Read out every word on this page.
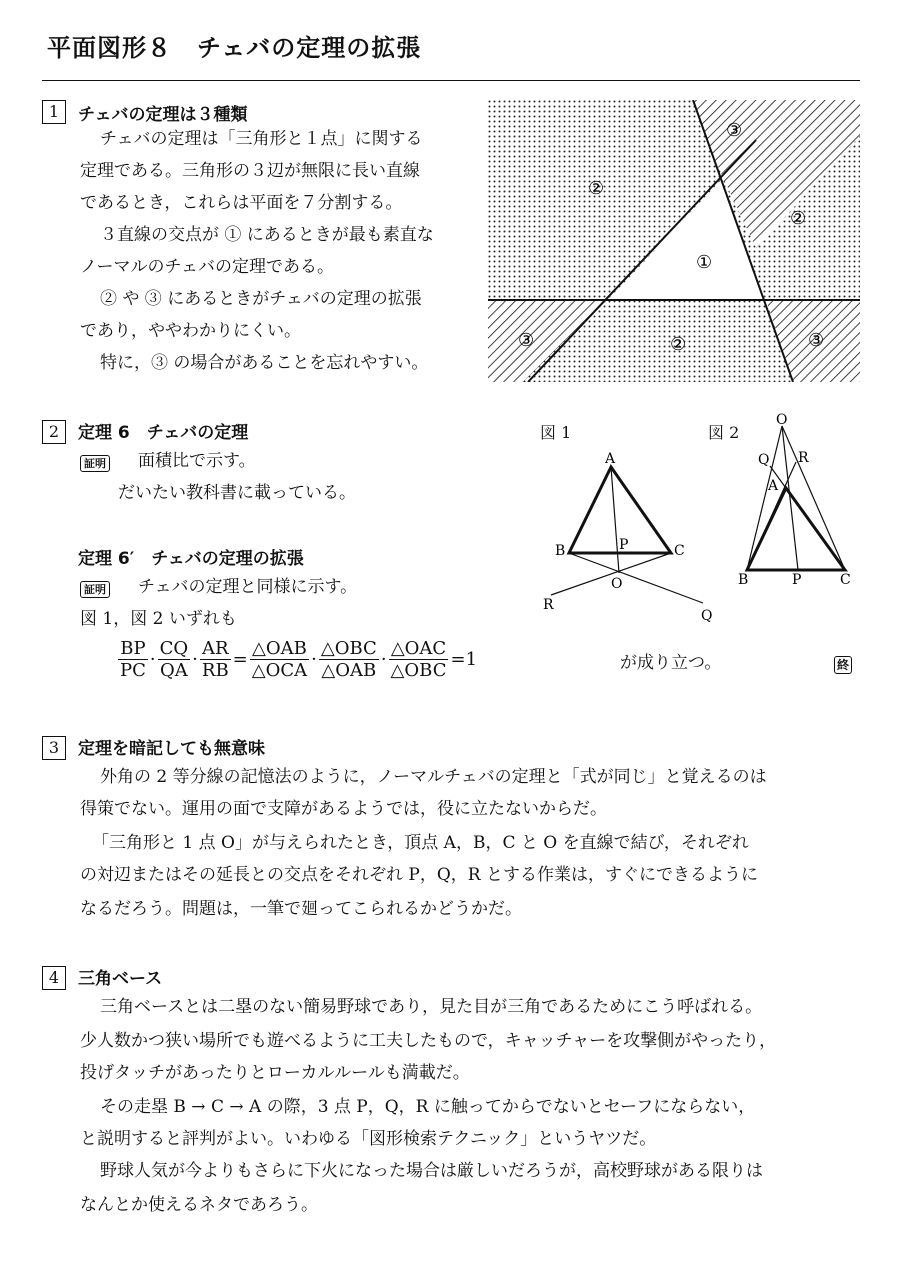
平面図形８　チェバの定理の拡張
1	チェバの定理は３種類
チェバの定理は「三角形と１点」に関する
定理である。三角形の３辺が無限に長い直線
であるとき，これらは平面を７分割する。
３直線の交点が ① にあるときが最も素直な
ノーマルのチェバの定理である。
② や ③ にあるときがチェバの定理の拡張
であり，ややわかりにくい。
特に，③ の場合があることを忘れやすい。
①
②
②
②
③
③	③
2	定理 6　チェバの定理
証明 面積比で示す。
だいたい教科書に載っている。
定理 6′　チェバの定理の拡張
証明 チェバの定理と同様に示す。
図 1，図 2 いずれも
図 1	図 2
A
B	C
P
O
Q
R
O
Q R
A
B	P	C
$\frac{BP}{PC} \cdot \frac{CQ}{QA} \cdot \frac{AR}{RB} = \frac{\text{△OAB}}{\text{△OCA}} \cdot \frac{\text{△OBC}}{\text{△OAB}} \cdot \frac{\text{△OAC}}{\text{△OBC}} =1$	が成り立つ。	終
3	定理を暗記しても無意味
外角の 2 等分線の記憶法のように，ノーマルチェバの定理と「式が同じ」と覚えるのは
得策でない。運用の面で支障があるようでは，役に立たないからだ。
「三角形と 1 点 O」が与えられたとき，頂点 A，B，C と O を直線で結び，それぞれ
の対辺またはその延長との交点をそれぞれ P，Q，R とする作業は，すぐにできるように
なるだろう。問題は，一筆で廻ってこられるかどうかだ。
4	三角ベース
三角ベースとは二塁のない簡易野球であり，見た目が三角であるためにこう呼ばれる。
少人数かつ狭い場所でも遊べるように工夫したもので，キャッチャーを攻撃側がやったり，
投げタッチがあったりとローカルルールも満載だ。
その走塁 B → C → A の際，3 点 P，Q，R に触ってからでないとセーフにならない，
と説明すると評判がよい。いわゆる「図形検索テクニック」というヤツだ。
野球人気が今よりもさらに下火になった場合は厳しいだろうが，高校野球がある限りは
なんとか使えるネタであろう。
